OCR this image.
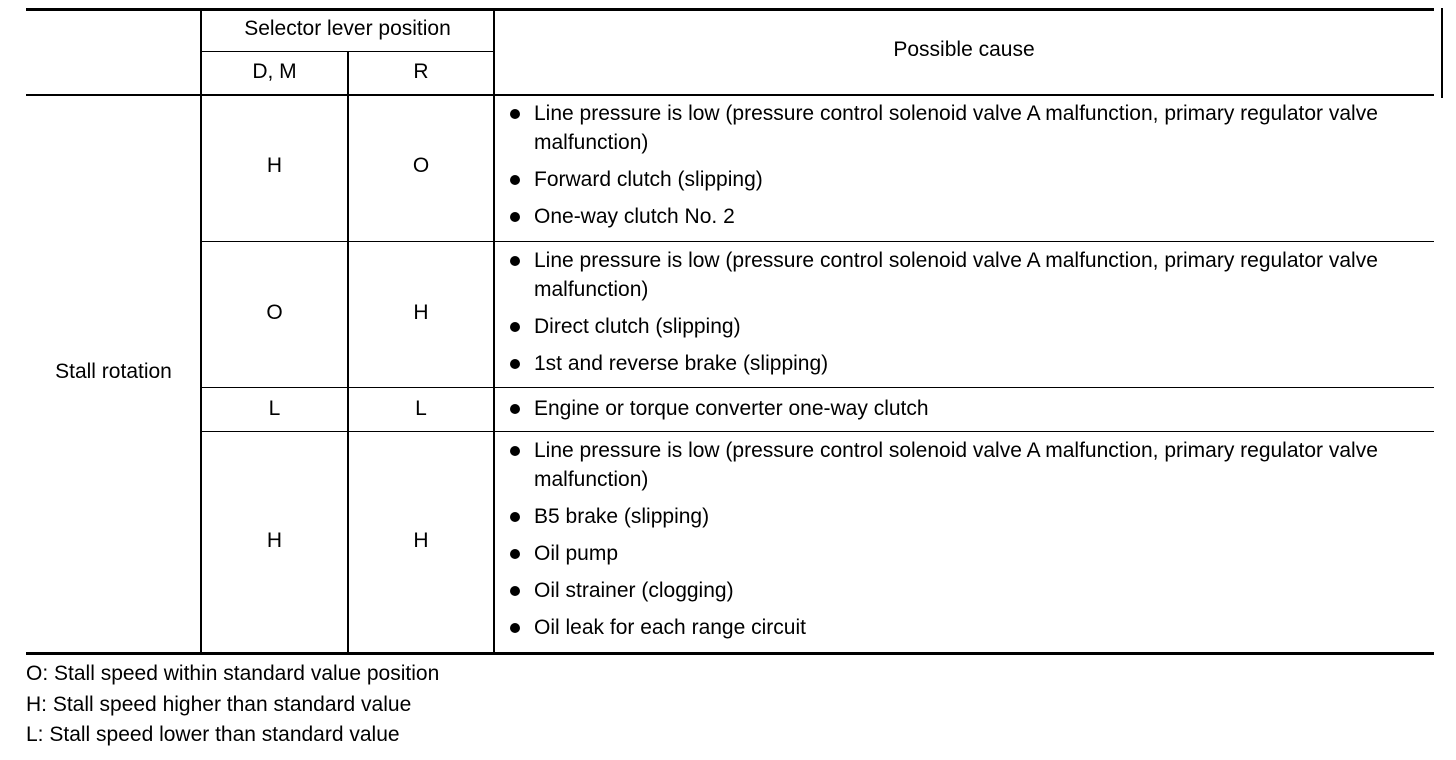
Selector lever position
D, M	R
Possible cause
Stall rotation
H	O
Line pressure is low (pressure control solenoid valve A malfunction, primary regulator valve malfunction)
Forward clutch (slipping)
One-way clutch No. 2
O	H
Line pressure is low (pressure control solenoid valve A malfunction, primary regulator valve malfunction)
Direct clutch (slipping)
1st and reverse brake (slipping)
L	L	Engine or torque converter one-way clutch
H	H
Line pressure is low (pressure control solenoid valve A malfunction, primary regulator valve malfunction)
B5 brake (slipping)
Oil pump
Oil strainer (clogging)
Oil leak for each range circuit
O: Stall speed within standard value position
H: Stall speed higher than standard value
L: Stall speed lower than standard value
